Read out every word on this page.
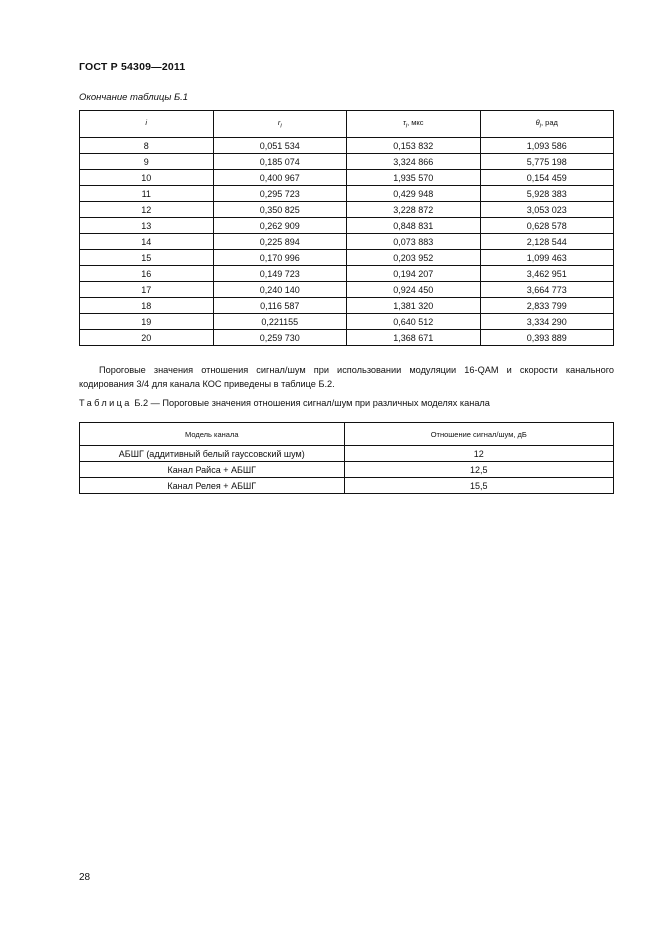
ГОСТ Р 54309—2011
Окончание таблицы Б.1
i	$r_i$	$\tau_i$, мкс	$\theta_i$, рад
8	0,051 534	0,153 832	1,093 586
9	0,185 074	3,324 866	5,775 198
10	0,400 967	1,935 570	0,154 459
11	0,295 723	0,429 948	5,928 383
12	0,350 825	3,228 872	3,053 023
13	0,262 909	0,848 831	0,628 578
14	0,225 894	0,073 883	2,128 544
15	0,170 996	0,203 952	1,099 463
16	0,149 723	0,194 207	3,462 951
17	0,240 140	0,924 450	3,664 773
18	0,116 587	1,381 320	2,833 799
19	0,221155	0,640 512	3,334 290
20	0,259 730	1,368 671	0,393 889
Пороговые значения отношения сигнал/шум при использовании модуляции 16-QAM и скорости канального кодирования 3/4 для канала КОС приведены в таблице Б.2.
Таблица Б.2 — Пороговые значения отношения сигнал/шум при различных моделях канала
Модель канала	Отношение сигнал/шум, дБ
АБШГ (аддитивный белый гауссовский шум)	12
Канал Райса + АБШГ	12,5
Канал Релея + АБШГ	15,5
28
